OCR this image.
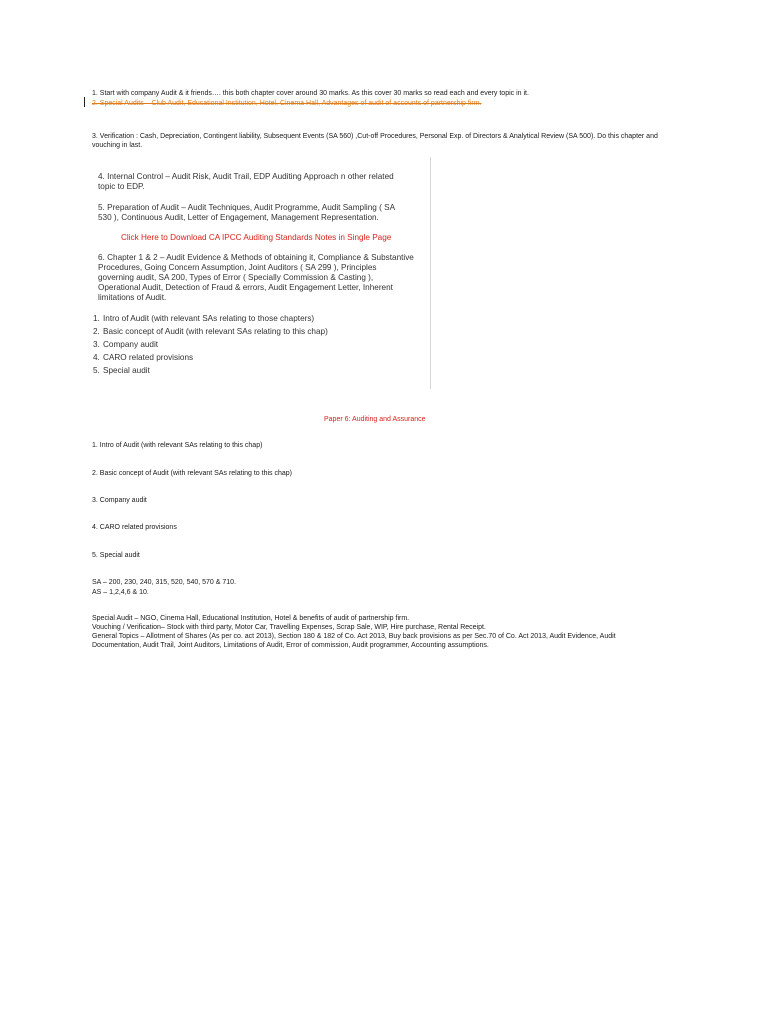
1. Start with company Audit & it friends…. this both chapter cover around 30 marks. As this cover 30 marks so read each and every topic in it.
2. Special Audits – Club Audit, Educational Institution, Hotel, Cinema Hall, Advantages of audit of accounts of partnership firm.
3. Verification : Cash, Depreciation, Contingent liability, Subsequent Events (SA 560) ,Cut-off Procedures, Personal Exp. of Directors & Analytical Review (SA 500). Do this chapter and vouching in last.
4. Internal Control – Audit Risk, Audit Trail, EDP Auditing Approach n other related
topic to EDP.
5. Preparation of Audit – Audit Techniques, Audit Programme, Audit Sampling ( SA
530 ), Continuous Audit, Letter of Engagement, Management Representation.
Click Here to Download CA IPCC Auditing Standards Notes in Single Page
6. Chapter 1 & 2 – Audit Evidence & Methods of obtaining it, Compliance & Substantive
Procedures, Going Concern Assumption, Joint Auditors ( SA 299 ), Principles
governing audit, SA 200, Types of Error ( Specially Commission & Casting ),
Operational Audit, Detection of Fraud & errors, Audit Engagement Letter, Inherent
limitations of Audit.
1. Intro of Audit (with relevant SAs relating to those chapters)
2. Basic concept of Audit (with relevant SAs relating to this chap)
3. Company audit
4. CARO related provisions
5. Special audit
Paper 6: Auditing and Assurance
1. Intro of Audit (with relevant SAs relating to this chap)
2. Basic concept of Audit (with relevant SAs relating to this chap)
3. Company audit
4. CARO related provisions
5. Special audit
SA – 200, 230, 240, 315, 520, 540, 570 & 710.
AS – 1,2,4,6 & 10.
Special Audit – NGO, Cinema Hall, Educational Institution, Hotel & benefits of audit of partnership firm.
Vouching / Verification– Stock with third party, Motor Car, Travelling Expenses, Scrap Sale, WIP, Hire purchase, Rental Receipt.
General Topics – Allotment of Shares (As per co. act 2013), Section 180 & 182 of Co. Act 2013, Buy back provisions as per Sec.70 of Co. Act 2013, Audit Evidence, Audit
Documentation, Audit Trail, Joint Auditors, Limitations of Audit, Error of commission, Audit programmer, Accounting assumptions.
